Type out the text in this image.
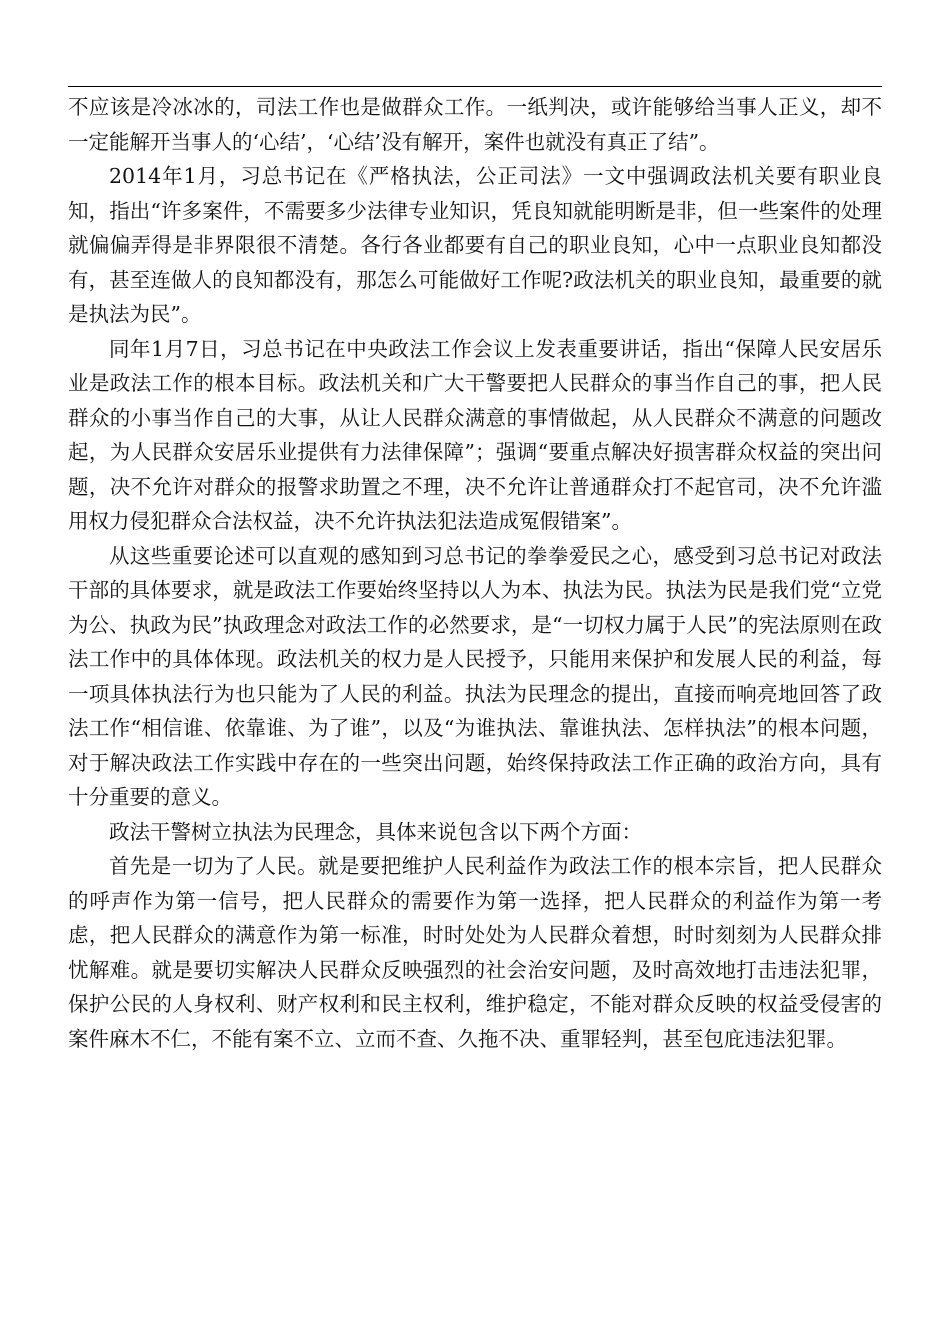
不应该是冷冰冰的，司法工作也是做群众工作。一纸判决，或许能够给当事人正义，却不一定能解开当事人的‘心结’，‘心结’没有解开，案件也就没有真正了结”。

2014年1月，习总书记在《严格执法，公正司法》一文中强调政法机关要有职业良知，指出“许多案件，不需要多少法律专业知识，凭良知就能明断是非，但一些案件的处理就偏偏弄得是非界限很不清楚。各行各业都要有自己的职业良知，心中一点职业良知都没有，甚至连做人的良知都没有，那怎么可能做好工作呢?政法机关的职业良知，最重要的就是执法为民”。

同年1月7日，习总书记在中央政法工作会议上发表重要讲话，指出“保障人民安居乐业是政法工作的根本目标。政法机关和广大干警要把人民群众的事当作自己的事，把人民群众的小事当作自己的大事，从让人民群众满意的事情做起，从人民群众不满意的问题改起，为人民群众安居乐业提供有力法律保障”；强调“要重点解决好损害群众权益的突出问题，决不允许对群众的报警求助置之不理，决不允许让普通群众打不起官司，决不允许滥用权力侵犯群众合法权益，决不允许执法犯法造成冤假错案”。

从这些重要论述可以直观的感知到习总书记的拳拳爱民之心，感受到习总书记对政法干部的具体要求，就是政法工作要始终坚持以人为本、执法为民。执法为民是我们党“立党为公、执政为民”执政理念对政法工作的必然要求，是“一切权力属于人民”的宪法原则在政法工作中的具体体现。政法机关的权力是人民授予，只能用来保护和发展人民的利益，每一项具体执法行为也只能为了人民的利益。执法为民理念的提出，直接而响亮地回答了政法工作“相信谁、依靠谁、为了谁”，以及“为谁执法、靠谁执法、怎样执法”的根本问题，对于解决政法工作实践中存在的一些突出问题，始终保持政法工作正确的政治方向，具有十分重要的意义。

政法干警树立执法为民理念，具体来说包含以下两个方面：

首先是一切为了人民。就是要把维护人民利益作为政法工作的根本宗旨，把人民群众的呼声作为第一信号，把人民群众的需要作为第一选择，把人民群众的利益作为第一考虑，把人民群众的满意作为第一标准，时时处处为人民群众着想，时时刻刻为人民群众排忧解难。就是要切实解决人民群众反映强烈的社会治安问题，及时高效地打击违法犯罪，保护公民的人身权利、财产权利和民主权利，维护稳定，不能对群众反映的权益受侵害的案件麻木不仁，不能有案不立、立而不查、久拖不决、重罪轻判，甚至包庇违法犯罪。
